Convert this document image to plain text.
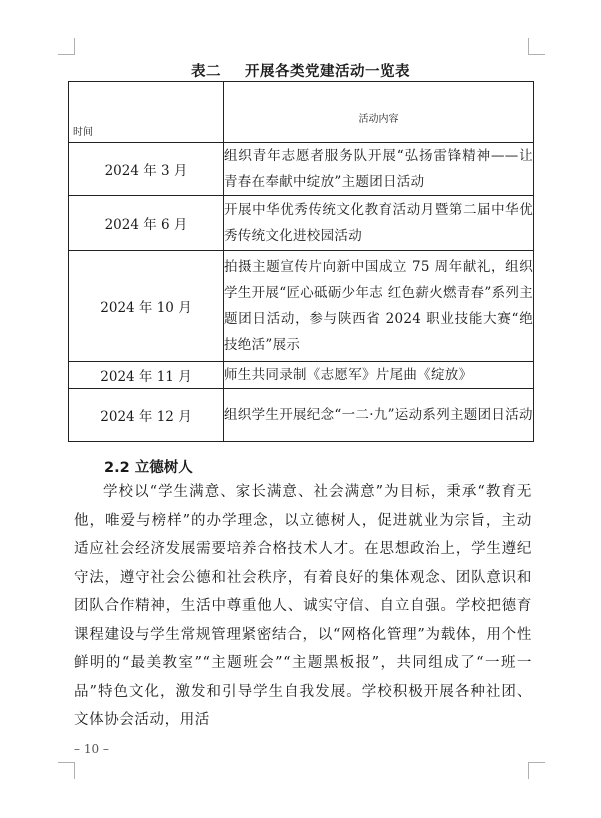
表二 开展各类党建活动一览表
时间	活动内容

2024 年 3 月	组织青年志愿者服务队开展“弘扬雷锋精神——让青春在奉献中绽放”主题团日活动
2024 年 6 月	开展中华优秀传统文化教育活动月暨第二届中华优秀传统文化进校园活动
2024 年 10 月	拍摄主题宣传片向新中国成立 75 周年献礼，组织学生开展“匠心砥砺少年志 红色薪火燃青春”系列主题团日活动，参与陕西省 2024 职业技能大赛“绝技绝活”展示
2024 年 11 月	师生共同录制《志愿军》片尾曲《绽放》
2024 年 12 月	组织学生开展纪念“一二·九”运动系列主题团日活动
2.2 立德树人

学校以“学生满意、家长满意、社会满意”为目标，秉承“教育无他，唯爱与榜样”的办学理念，以立德树人，促进就业为宗旨，主动适应社会经济发展需要培养合格技术人才。在思想政治上，学生遵纪守法，遵守社会公德和社会秩序，有着良好的集体观念、团队意识和团队合作精神，生活中尊重他人、诚实守信、自立自强。学校把德育课程建设与学生常规管理紧密结合，以“网格化管理”为载体，用个性鲜明的“最美教室”“主题班会”“主题黑板报”，共同组成了“一班一品”特色文化，激发和引导学生自我发展。学校积极开展各种社团、文体协会活动，用活

– 10 –
